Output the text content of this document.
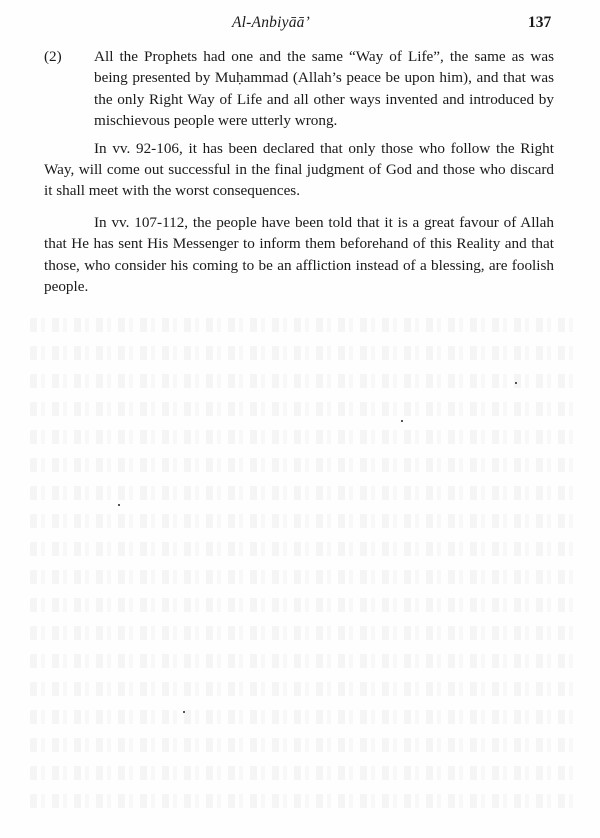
Al-Anbiyāā’	137
(2)	All the Prophets had one and the same “Way of Life”, the same as was being presented by Muḥammad (Allah’s peace be upon him), and that was the only Right Way of Life and all other ways invented and introduced by mischievous people were utterly wrong.

In vv. 92-106, it has been declared that only those who follow the Right Way, will come out successful in the final judgment of God and those who discard it shall meet with the worst consequences.

In vv. 107-112, the people have been told that it is a great favour of Allah that He has sent His Messenger to inform them beforehand of this Reality and that those, who consider his coming to be an affliction instead of a blessing, are foolish people.
